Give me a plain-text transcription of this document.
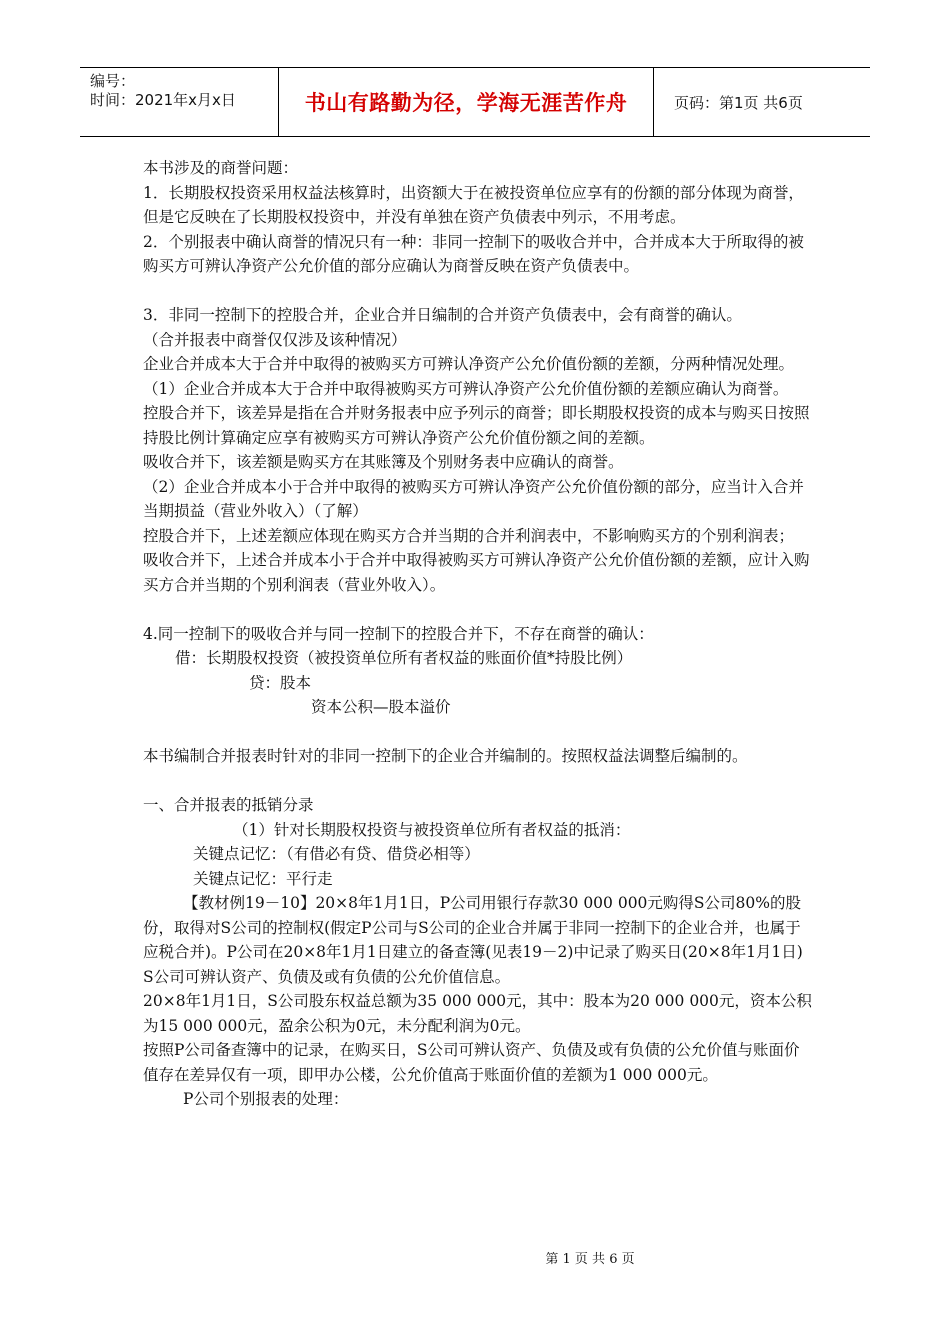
编号：
时间：2021年x月x日	书山有路勤为径，学海无涯苦作舟	页码：第1页 共6页

本书涉及的商誉问题：

1．长期股权投资采用权益法核算时，出资额大于在被投资单位应享有的份额的部分体现为商誉，但是它反映在了长期股权投资中，并没有单独在资产负债表中列示，不用考虑。

2．个别报表中确认商誉的情况只有一种：非同一控制下的吸收合并中，合并成本大于所取得的被购买方可辨认净资产公允价值的部分应确认为商誉反映在资产负债表中。

3．非同一控制下的控股合并，企业合并日编制的合并资产负债表中，会有商誉的确认。

（合并报表中商誉仅仅涉及该种情况）

企业合并成本大于合并中取得的被购买方可辨认净资产公允价值份额的差额，分两种情况处理。

（1）企业合并成本大于合并中取得被购买方可辨认净资产公允价值份额的差额应确认为商誉。

控股合并下，该差异是指在合并财务报表中应予列示的商誉；即长期股权投资的成本与购买日按照持股比例计算确定应享有被购买方可辨认净资产公允价值份额之间的差额。

吸收合并下，该差额是购买方在其账簿及个别财务表中应确认的商誉。

（2）企业合并成本小于合并中取得的被购买方可辨认净资产公允价值份额的部分，应当计入合并当期损益（营业外收入）（了解）

控股合并下，上述差额应体现在购买方合并当期的合并利润表中，不影响购买方的个别利润表；

吸收合并下，上述合并成本小于合并中取得被购买方可辨认净资产公允价值份额的差额，应计入购买方合并当期的个别利润表（营业外收入）。

4.同一控制下的吸收合并与同一控制下的控股合并下，不存在商誉的确认：

借：长期股权投资（被投资单位所有者权益的账面价值*持股比例）

贷：股本

资本公积—股本溢价

本书编制合并报表时针对的非同一控制下的企业合并编制的。按照权益法调整后编制的。

一、合并报表的抵销分录

（1）针对长期股权投资与被投资单位所有者权益的抵消：

关键点记忆：（有借必有贷、借贷必相等）

关键点记忆：平行走

【教材例19－10】20×8年1月1日，P公司用银行存款30 000 000元购得S公司80%的股份，取得对S公司的控制权(假定P公司与S公司的企业合并属于非同一控制下的企业合并，也属于应税合并)。P公司在20×8年1月1日建立的备查簿(见表19－2)中记录了购买日(20×8年1月1日) S公司可辨认资产、负债及或有负债的公允价值信息。

20×8年1月1日，S公司股东权益总额为35 000 000元，其中：股本为20 000 000元，资本公积为15 000 000元，盈余公积为0元，未分配利润为0元。

按照P公司备查簿中的记录，在购买日，S公司可辨认资产、负债及或有负债的公允价值与账面价值存在差异仅有一项，即甲办公楼，公允价值高于账面价值的差额为1 000 000元。

P公司个别报表的处理：

第 1 页 共 6 页
